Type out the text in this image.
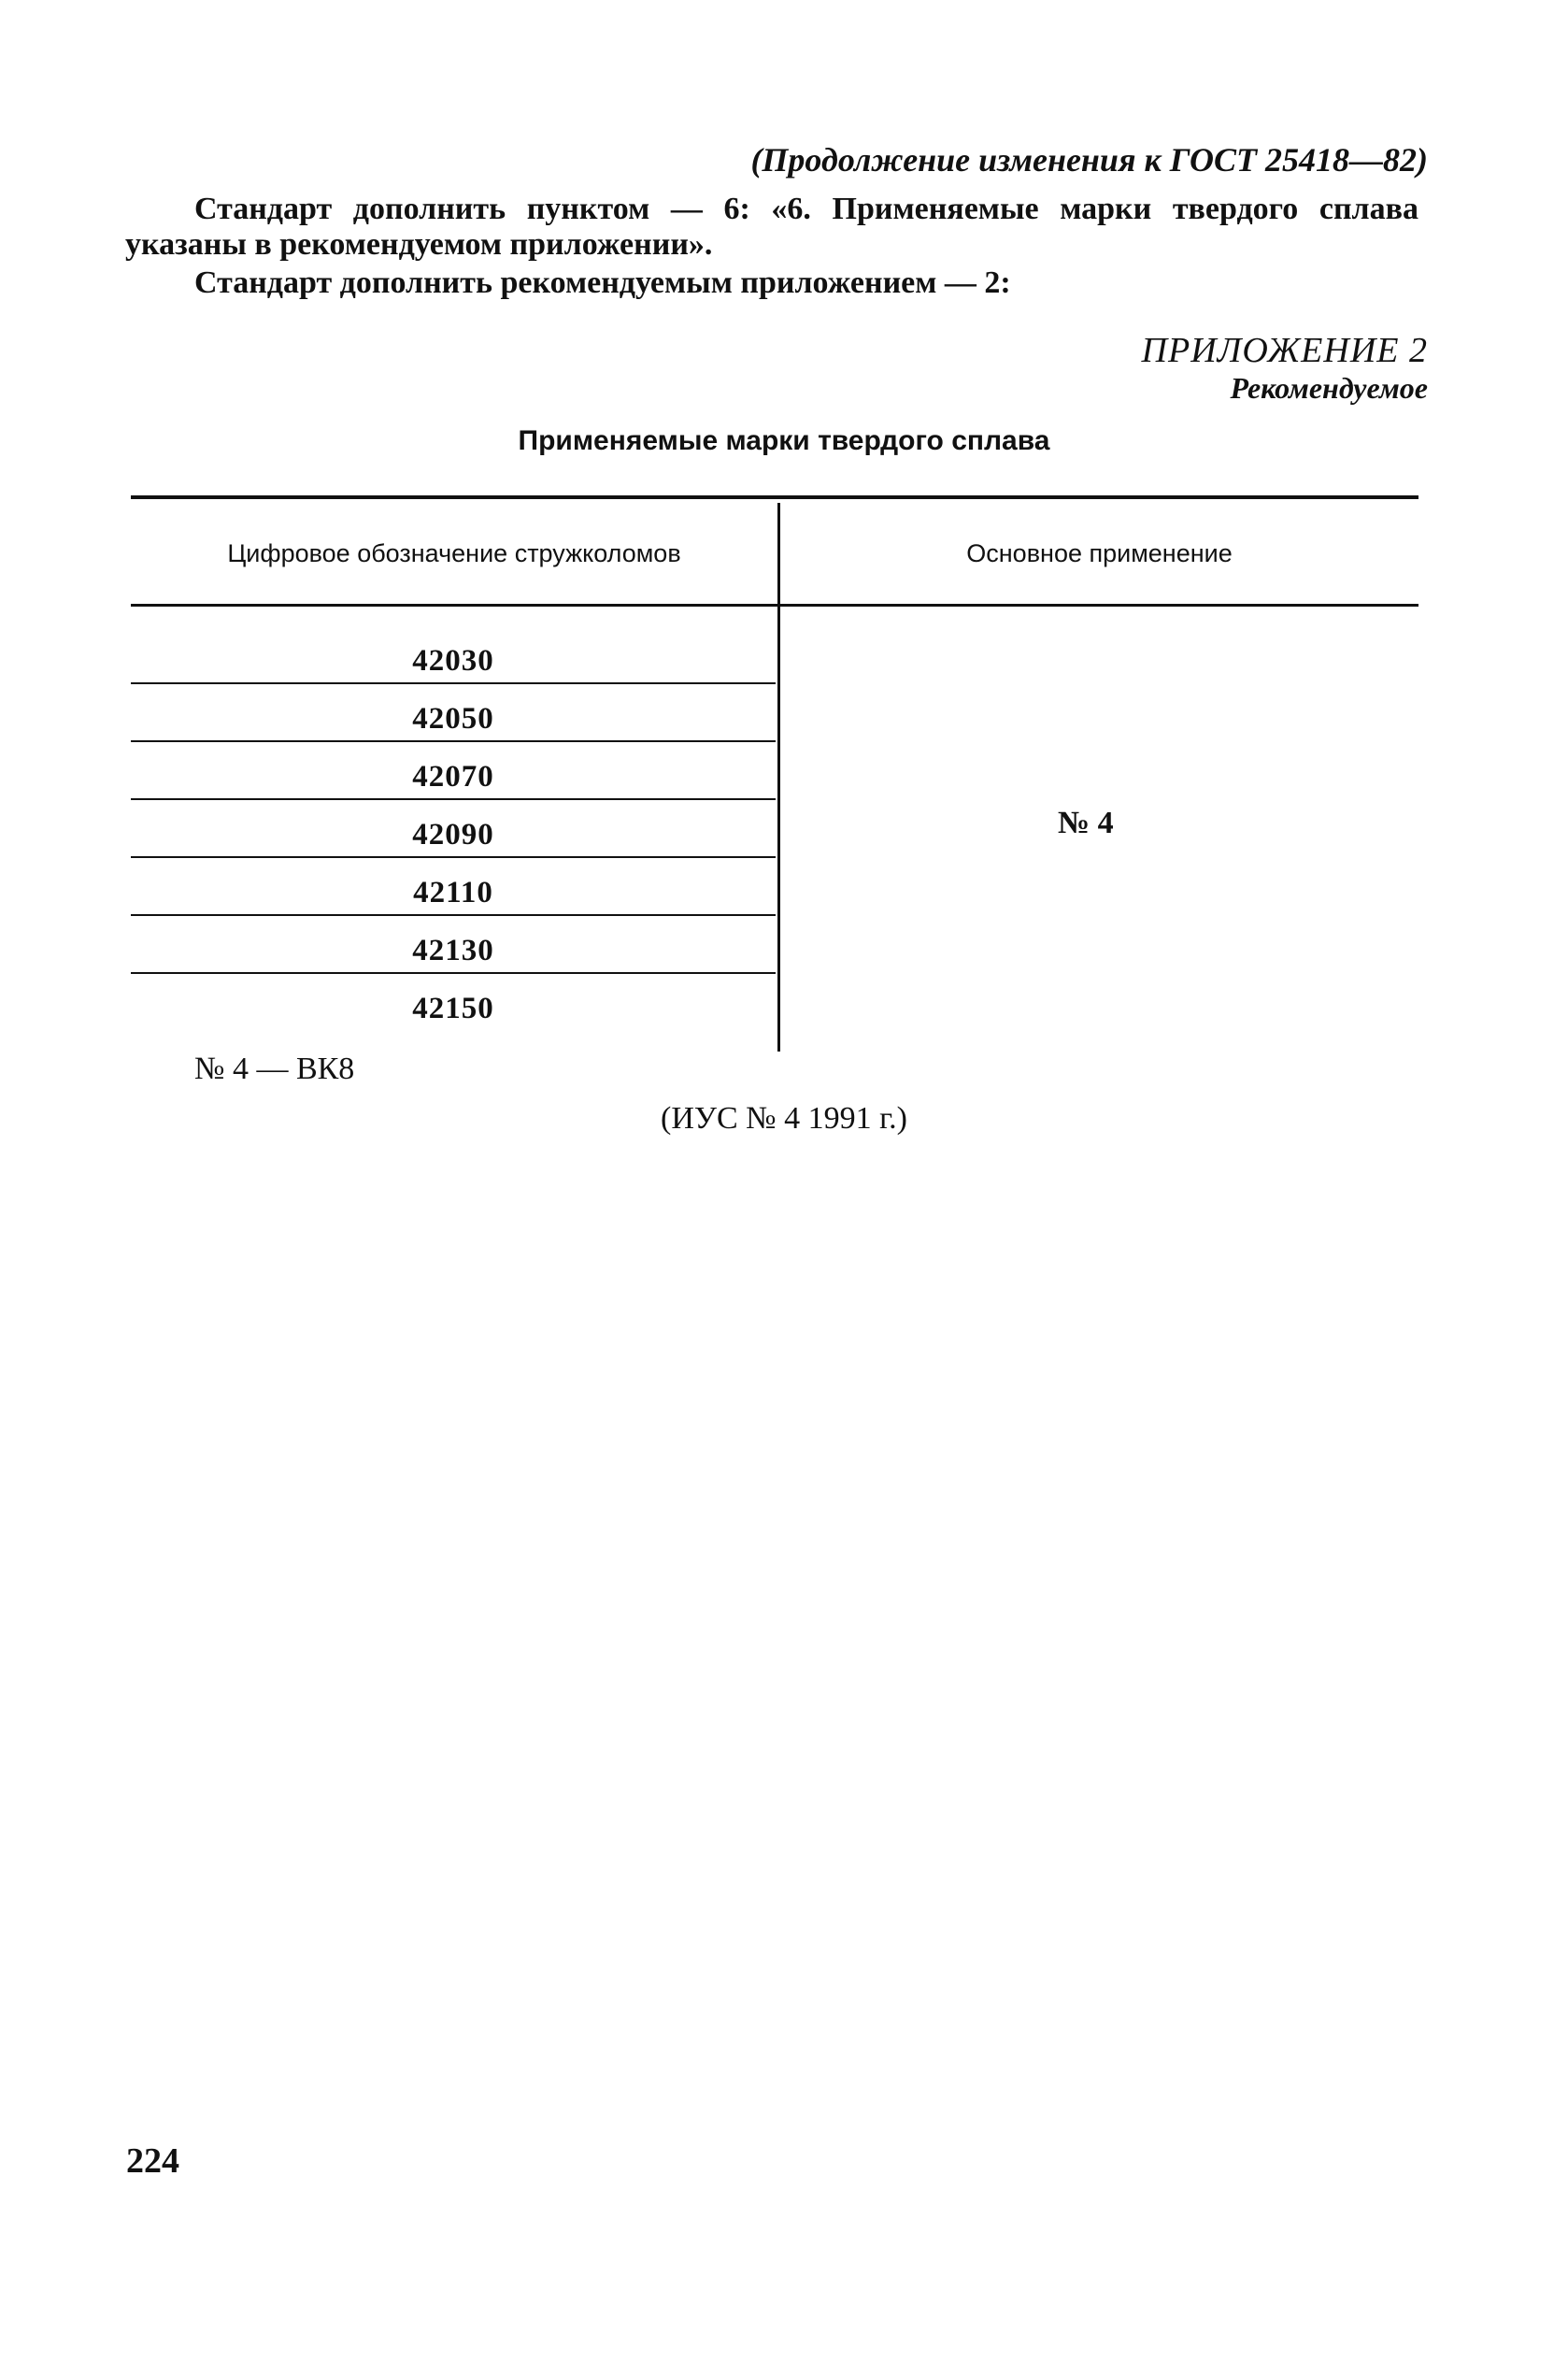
(Продолжение изменения к ГОСТ 25418—82)
Стандарт дополнить пунктом — 6: «6. Применяемые марки твердого сплава
указаны в рекомендуемом приложении».
Стандарт дополнить рекомендуемым приложением — 2:
ПРИЛОЖЕНИЕ 2
Рекомендуемое
Применяемые марки твердого сплава
Цифровое обозначение стружколомов	Основное применение
42030
42050
42070
42090
42110
42130
42150
№ 4
№ 4 — ВК8
(ИУС № 4 1991 г.)
224
